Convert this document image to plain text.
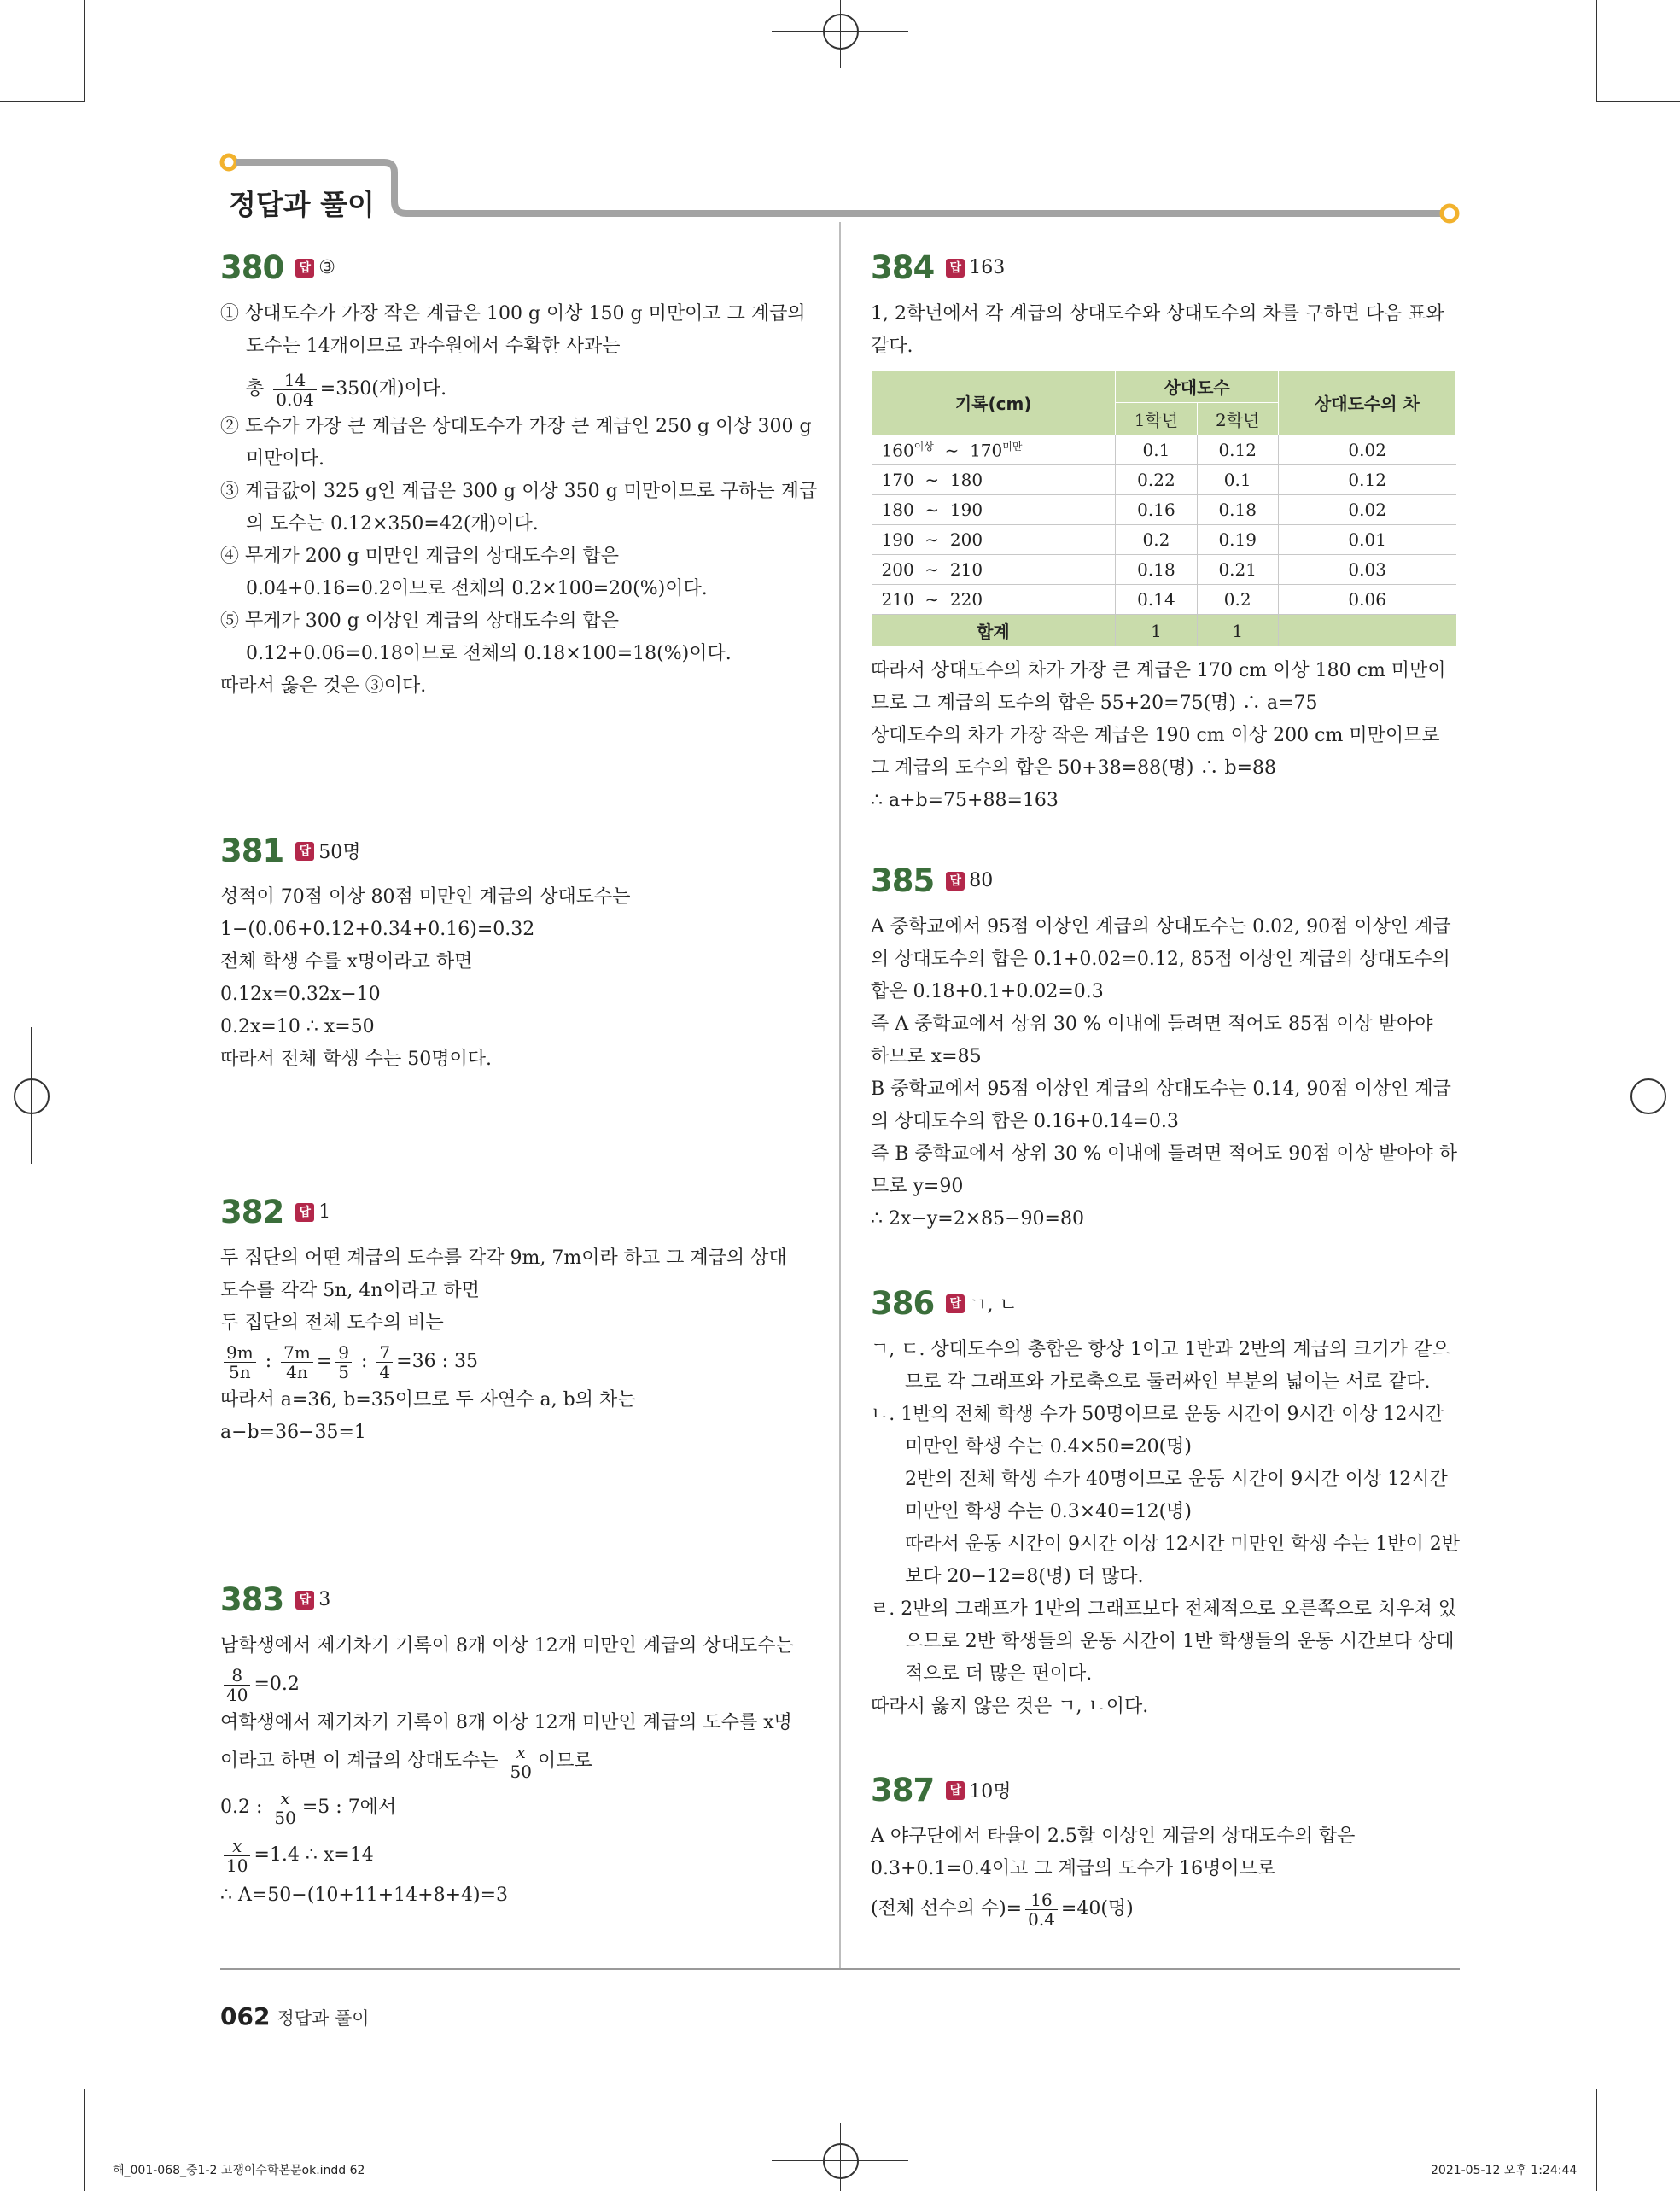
정답과 풀이
380 답 ③
① 상대도수가 가장 작은 계급은 100 g 이상 150 g 미만이고 그 계급의
도수는 14개이므로 과수원에서 수확한 사과는
총 $\frac{14}{0.04} =350$(개)이다.
② 도수가 가장 큰 계급은 상대도수가 가장 큰 계급인 250 g 이상 300 g
미만이다.
③ 계급값이 325 g인 계급은 300 g 이상 350 g 미만이므로 구하는 계급
의 도수는 0.12×350=42(개)이다.
④ 무게가 200 g 미만인 계급의 상대도수의 합은
0.04+0.16=0.2이므로 전체의 0.2×100=20(%)이다.
⑤ 무게가 300 g 이상인 계급의 상대도수의 합은
0.12+0.06=0.18이므로 전체의 0.18×100=18(%)이다.
따라서 옳은 것은 ③이다.
381 답 50명
성적이 70점 이상 80점 미만인 계급의 상대도수는
1−(0.06+0.12+0.34+0.16)=0.32
전체 학생 수를 x명이라고 하면
0.12x=0.32x−10
0.2x=10 ∴ x=50
따라서 전체 학생 수는 50명이다.
382 답 1
두 집단의 어떤 계급의 도수를 각각 9m, 7m이라 하고 그 계급의 상대
도수를 각각 5n, 4n이라고 하면
두 집단의 전체 도수의 비는
$\frac{9m}{5n}$ : $\frac{7m}{4n} = \frac{9}{5}$ : $\frac{7}{4} =36$ : 35
따라서 a=36, b=35이므로 두 자연수 a, b의 차는
a−b=36−35=1
383 답 3
남학생에서 제기차기 기록이 8개 이상 12개 미만인 계급의 상대도수는
$\frac{8}{40} =0.2$
여학생에서 제기차기 기록이 8개 이상 12개 미만인 계급의 도수를 x명
이라고 하면 이 계급의 상대도수는 $\frac{x}{50}$ 이므로
0.2 : $\frac{x}{50} =5$ : 7에서
$\frac{x}{10} =1.4$ ∴ x=14
∴ A=50−(10+11+14+8+4)=3
384 답 163
1, 2학년에서 각 계급의 상대도수와 상대도수의 차를 구하면 다음 표와
같다.
기록(cm)	상대도수		상대도수의 차
	1학년	2학년	
$160^{이상}$  ∼  $170^{미만}$	0.1	0.12	0.02
170  ∼  180	0.22	0.1	0.12
180  ∼  190	0.16	0.18	0.02
190  ∼  200	0.2	0.19	0.01
200  ∼  210	0.18	0.21	0.03
210  ∼  220	0.14	0.2	0.06
합계	1	1	
따라서 상대도수의 차가 가장 큰 계급은 170 cm 이상 180 cm 미만이
므로 그 계급의 도수의 합은 55+20=75(명) ∴ a=75
상대도수의 차가 가장 작은 계급은 190 cm 이상 200 cm 미만이므로
그 계급의 도수의 합은 50+38=88(명) ∴ b=88
∴ a+b=75+88=163
385 답 80
A 중학교에서 95점 이상인 계급의 상대도수는 0.02, 90점 이상인 계급
의 상대도수의 합은 0.1+0.02=0.12, 85점 이상인 계급의 상대도수의
합은 0.18+0.1+0.02=0.3
즉 A 중학교에서 상위 30 % 이내에 들려면 적어도 85점 이상 받아야
하므로 x=85
B 중학교에서 95점 이상인 계급의 상대도수는 0.14, 90점 이상인 계급
의 상대도수의 합은 0.16+0.14=0.3
즉 B 중학교에서 상위 30 % 이내에 들려면 적어도 90점 이상 받아야 하
므로 y=90
∴ 2x−y=2×85−90=80
386 답 ㄱ, ㄴ
ㄱ, ㄷ. 상대도수의 총합은 항상 1이고 1반과 2반의 계급의 크기가 같으
므로 각 그래프와 가로축으로 둘러싸인 부분의 넓이는 서로 같다.
ㄴ. 1반의 전체 학생 수가 50명이므로 운동 시간이 9시간 이상 12시간
미만인 학생 수는 0.4×50=20(명)
2반의 전체 학생 수가 40명이므로 운동 시간이 9시간 이상 12시간
미만인 학생 수는 0.3×40=12(명)
따라서 운동 시간이 9시간 이상 12시간 미만인 학생 수는 1반이 2반
보다 20−12=8(명) 더 많다.
ㄹ. 2반의 그래프가 1반의 그래프보다 전체적으로 오른쪽으로 치우쳐 있
으므로 2반 학생들의 운동 시간이 1반 학생들의 운동 시간보다 상대
적으로 더 많은 편이다.
따라서 옳지 않은 것은 ㄱ, ㄴ이다.
387 답 10명
A 야구단에서 타율이 2.5할 이상인 계급의 상대도수의 합은
0.3+0.1=0.4이고 그 계급의 도수가 16명이므로
(전체 선수의 수)= $\frac{16}{0.4} =40$(명)
062 정답과 풀이
해_001-068_중1-2 고쟁이수학본문ok.indd 62	2021-05-12 오후 1:24:44
